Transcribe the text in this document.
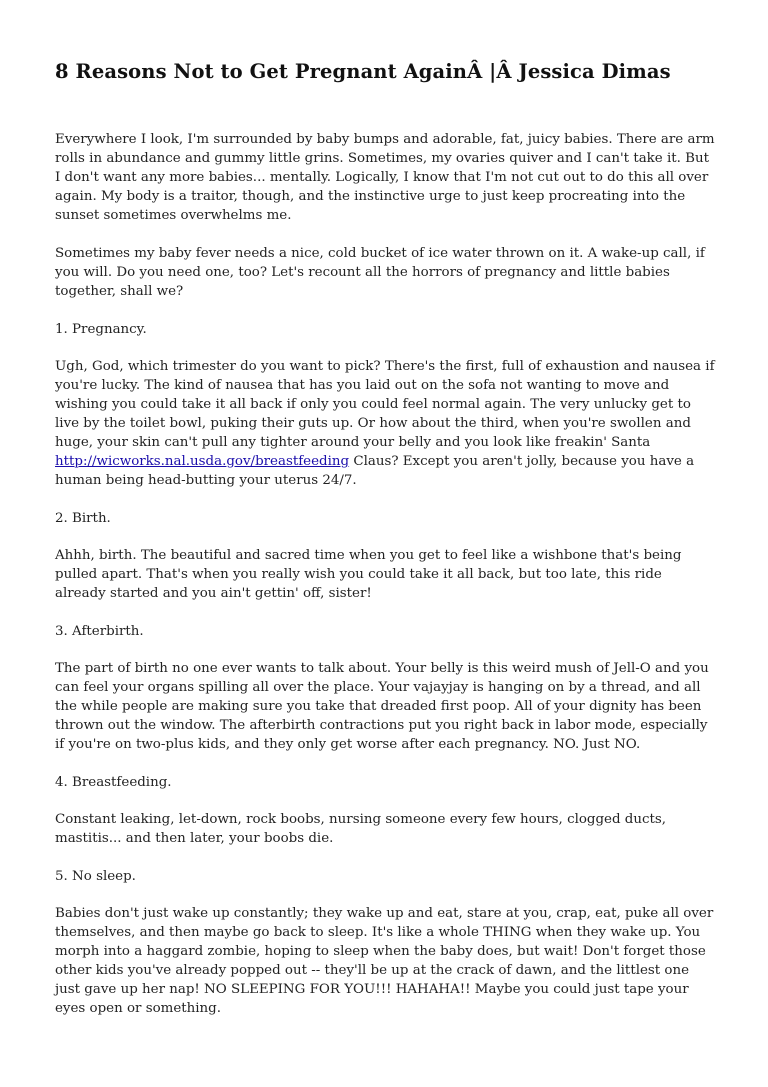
8 Reasons Not to Get Pregnant AgainÂ |Â Jessica Dimas

Everywhere I look, I'm surrounded by baby bumps and adorable, fat, juicy babies. There are arm rolls in abundance and gummy little grins. Sometimes, my ovaries quiver and I can't take it. But I don't want any more babies... mentally. Logically, I know that I'm not cut out to do this all over again. My body is a traitor, though, and the instinctive urge to just keep procreating into the sunset sometimes overwhelms me.

Sometimes my baby fever needs a nice, cold bucket of ice water thrown on it. A wake-up call, if you will. Do you need one, too? Let's recount all the horrors of pregnancy and little babies together, shall we?

1. Pregnancy.

Ugh, God, which trimester do you want to pick? There's the first, full of exhaustion and nausea if you're lucky. The kind of nausea that has you laid out on the sofa not wanting to move and wishing you could take it all back if only you could feel normal again. The very unlucky get to live by the toilet bowl, puking their guts up. Or how about the third, when you're swollen and huge, your skin can't pull any tighter around your belly and you look like freakin' Santa http://wicworks.nal.usda.gov/breastfeeding Claus? Except you aren't jolly, because you have a human being head-butting your uterus 24/7.

2. Birth.

Ahhh, birth. The beautiful and sacred time when you get to feel like a wishbone that's being pulled apart. That's when you really wish you could take it all back, but too late, this ride already started and you ain't gettin' off, sister!

3. Afterbirth.

The part of birth no one ever wants to talk about. Your belly is this weird mush of Jell-O and you can feel your organs spilling all over the place. Your vajayjay is hanging on by a thread, and all the while people are making sure you take that dreaded first poop. All of your dignity has been thrown out the window. The afterbirth contractions put you right back in labor mode, especially if you're on two-plus kids, and they only get worse after each pregnancy. NO. Just NO.

4. Breastfeeding.

Constant leaking, let-down, rock boobs, nursing someone every few hours, clogged ducts, mastitis... and then later, your boobs die.

5. No sleep.

Babies don't just wake up constantly; they wake up and eat, stare at you, crap, eat, puke all over themselves, and then maybe go back to sleep. It's like a whole THING when they wake up. You morph into a haggard zombie, hoping to sleep when the baby does, but wait! Don't forget those other kids you've already popped out -- they'll be up at the crack of dawn, and the littlest one just gave up her nap! NO SLEEPING FOR YOU!!! HAHAHA!! Maybe you could just tape your eyes open or something.
